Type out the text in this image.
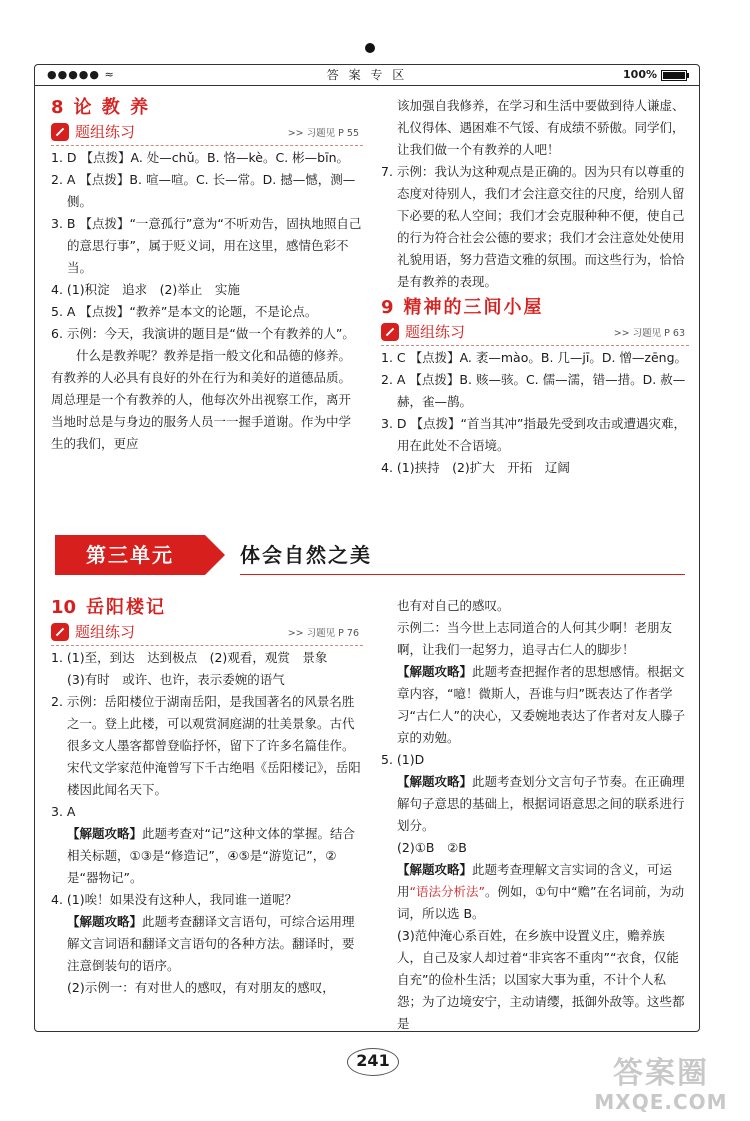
●●●●● ≈	答 案 专 区	100%

8 论 教 养

题组练习	>> 习题见 P 55

1. D 【点拨】A. 处—chǔ。B. 恪—kè。C. 彬—bīn。

2. A 【点拨】B. 喧—喧。C. 长—常。D. 撼—憾，测—侧。

3. B 【点拨】“一意孤行”意为“不听劝告，固执地照自己的意思行事”，属于贬义词，用在这里，感情色彩不当。

4. (1)积淀　追求　(2)举止　实施

5. A 【点拨】“教养”是本文的论题，不是论点。

6. 示例：今天，我演讲的题目是“做一个有教养的人”。

什么是教养呢？教养是指一般文化和品德的修养。有教养的人必具有良好的外在行为和美好的道德品质。周总理是一个有教养的人，他每次外出视察工作，离开当地时总是与身边的服务人员一一握手道谢。作为中学生的我们，更应

该加强自我修养，在学习和生活中要做到待人谦虚、礼仪得体、遇困难不气馁、有成绩不骄傲。同学们，让我们做一个有教养的人吧！

7. 示例：我认为这种观点是正确的。因为只有以尊重的态度对待别人，我们才会注意交往的尺度，给别人留下必要的私人空间；我们才会克服种种不便，使自己的行为符合社会公德的要求；我们才会注意处处使用礼貌用语，努力营造文雅的氛围。而这些行为，恰恰是有教养的表现。

9 精神的三间小屋

题组练习	>> 习题见 P 63

1. C 【点拨】A. 袤—mào。B. 几—jī。D. 憎—zēng。

2. A 【点拨】B. 赅—骇。C. 儒—濡，错—措。D. 赦—赫，雀—鹊。

3. D 【点拨】“首当其冲”指最先受到攻击或遭遇灾难，用在此处不合语境。

4. (1)挟持　(2)扩大　开拓　辽阔

第三单元	体会自然之美

10 岳阳楼记

题组练习	>> 习题见 P 76

1. (1)至，到达　达到极点　(2)观看，观赏　景象

(3)有时　或许、也许，表示委婉的语气

2. 示例：岳阳楼位于湖南岳阳，是我国著名的风景名胜之一。登上此楼，可以观赏洞庭湖的壮美景象。古代很多文人墨客都曾登临抒怀，留下了许多名篇佳作。宋代文学家范仲淹曾写下千古绝唱《岳阳楼记》，岳阳楼因此闻名天下。

3. A

【解题攻略】此题考查对“记”这种文体的掌握。结合相关标题，①③是“修造记”，④⑤是“游览记”，②是“器物记”。

4. (1)唉！如果没有这种人，我同谁一道呢？

【解题攻略】此题考查翻译文言语句，可综合运用理解文言词语和翻译文言语句的各种方法。翻译时，要注意倒装句的语序。

(2)示例一：有对世人的感叹，有对朋友的感叹，

也有对自己的感叹。

示例二：当今世上志同道合的人何其少啊！老朋友啊，让我们一起努力，追寻古仁人的脚步！

【解题攻略】此题考查把握作者的思想感情。根据文章内容，“噫！微斯人，吾谁与归”既表达了作者学习“古仁人”的决心，又委婉地表达了作者对友人滕子京的劝勉。

5. (1)D

【解题攻略】此题考查划分文言句子节奏。在正确理解句子意思的基础上，根据词语意思之间的联系进行划分。

(2)①B　②B

【解题攻略】此题考查理解文言实词的含义，可运用“语法分析法”。例如，①句中“赡”在名词前，为动词，所以选 B。

(3)范仲淹心系百姓，在乡族中设置义庄，赡养族人，自己及家人却过着“非宾客不重肉”“衣食，仅能自充”的俭朴生活；以国家大事为重，不计个人私怨；为了边境安宁，主动请缨，抵御外敌等。这些都是

241	答案圈
MXQE.COM
